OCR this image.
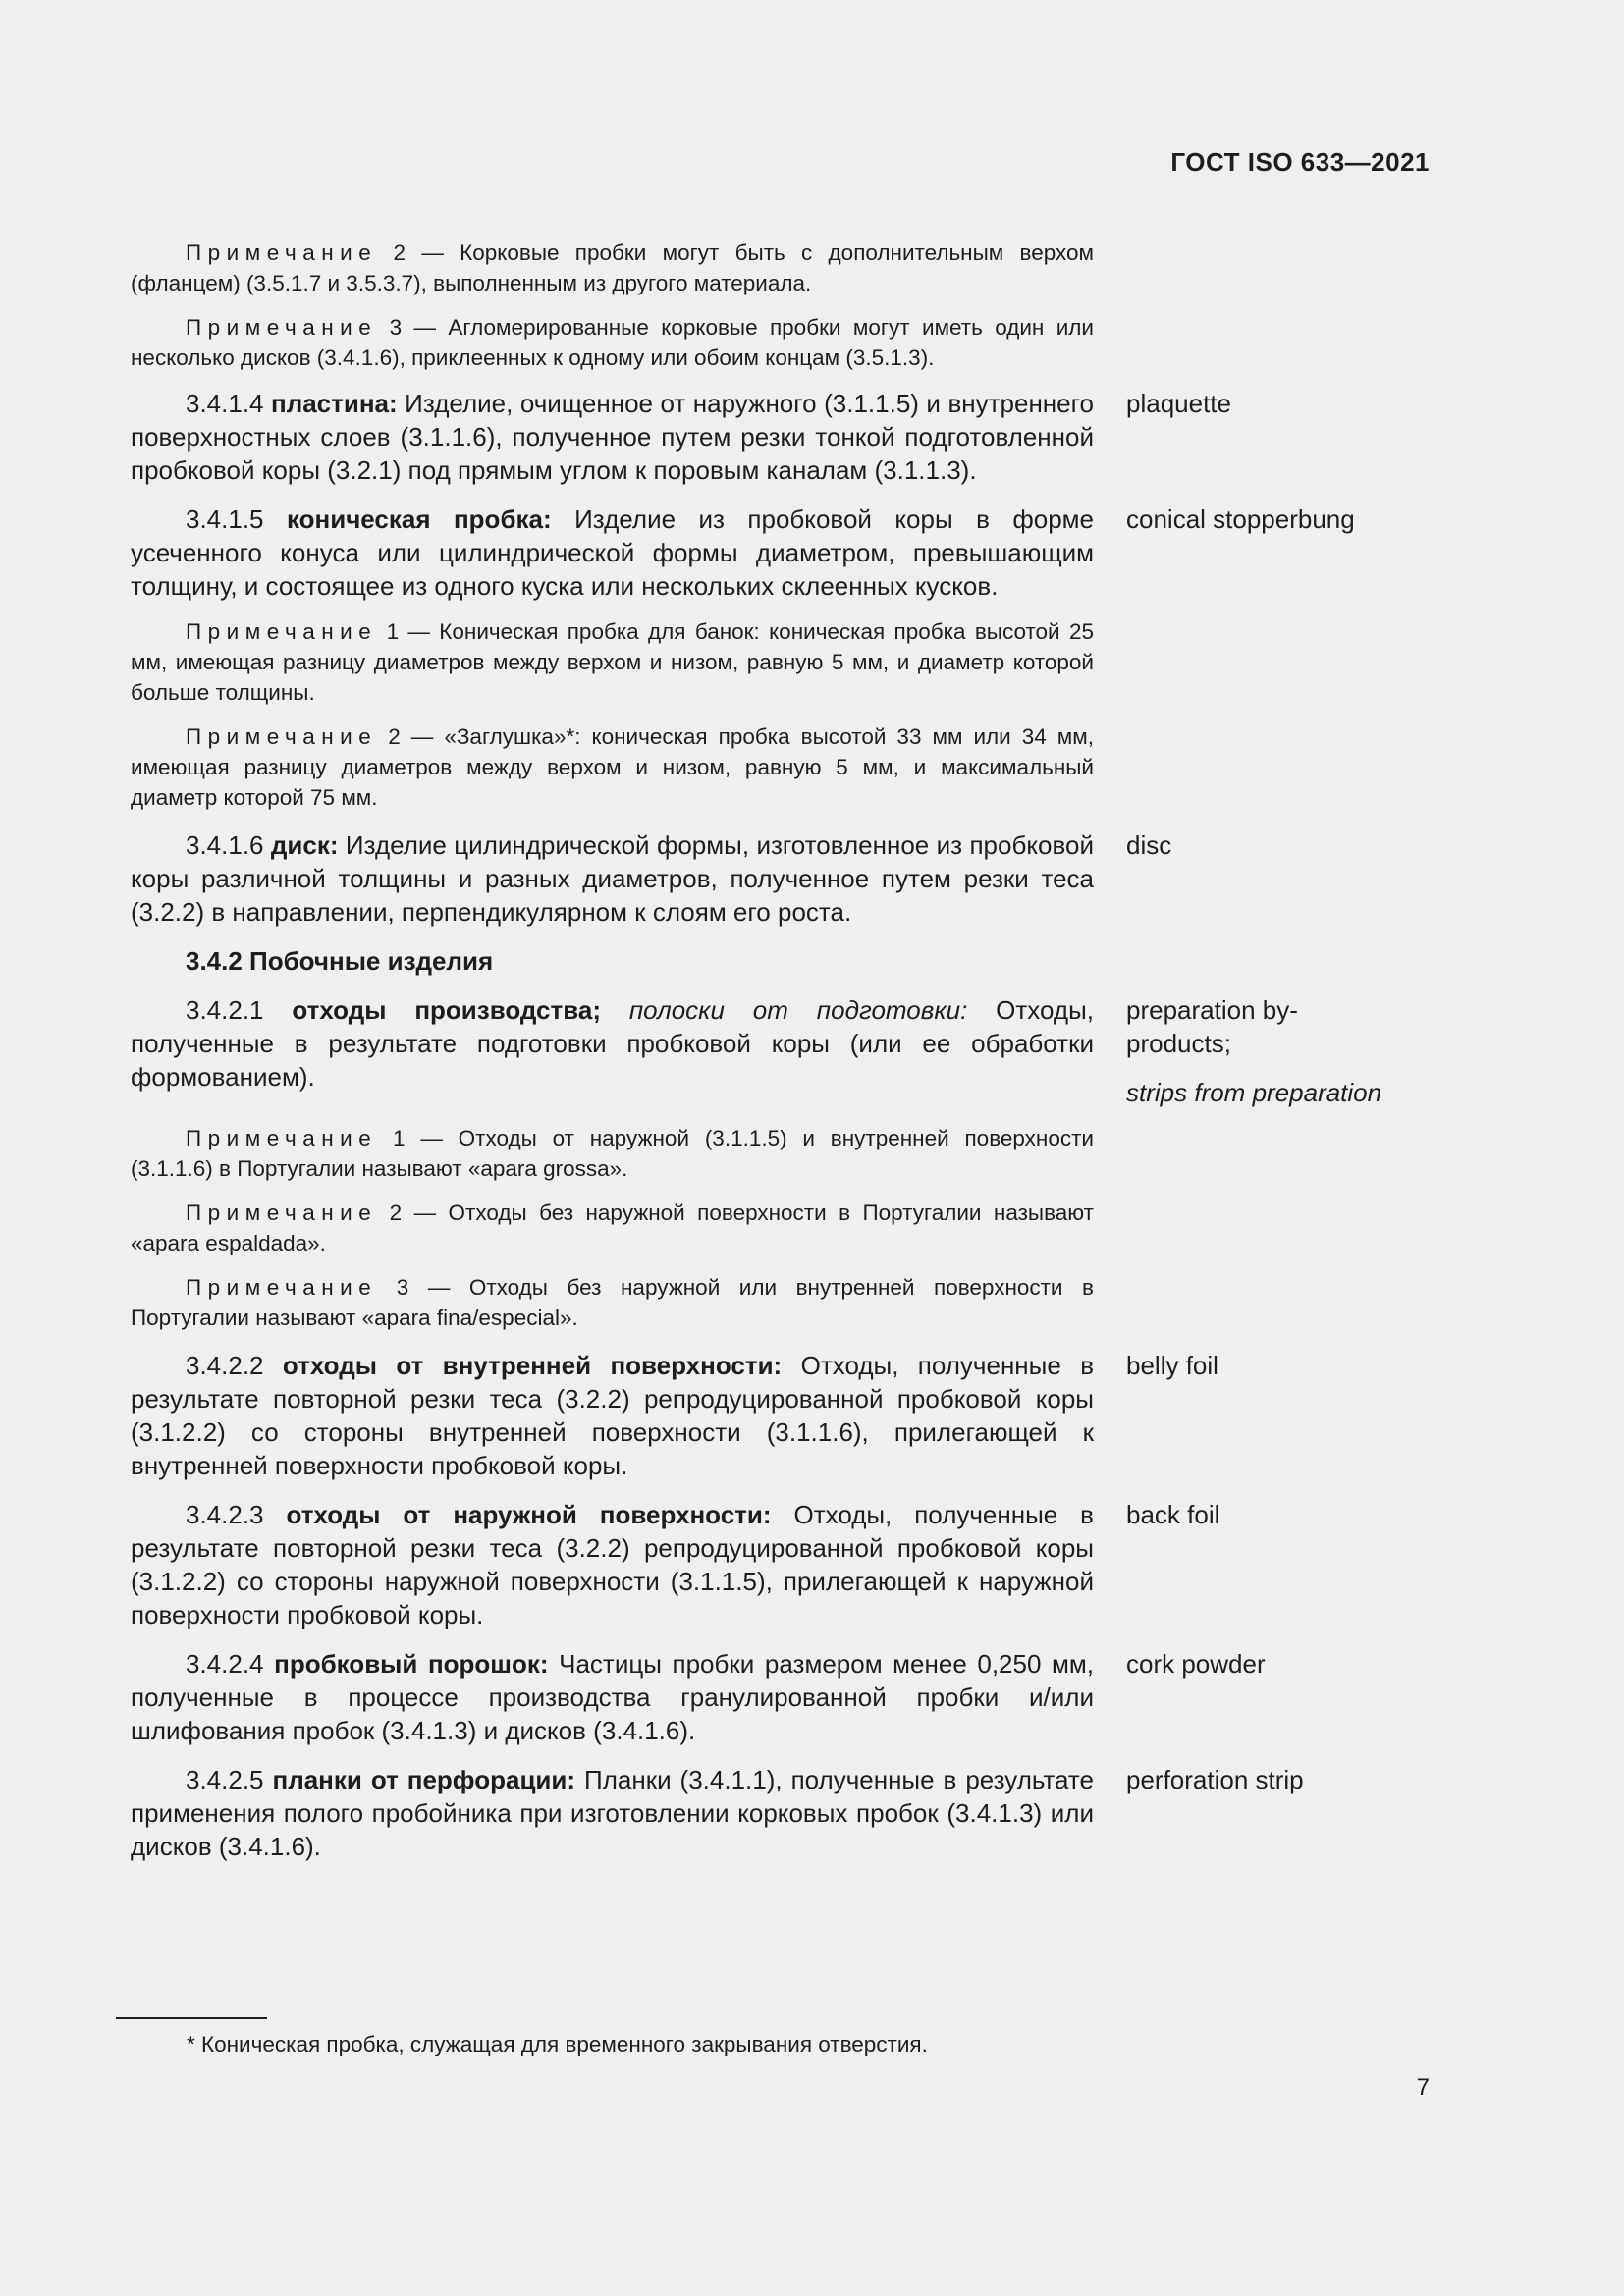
ГОСТ ISO 633—2021
Примечание 2 — Корковые пробки могут быть с дополнительным верхом (фланцем) (3.5.1.7 и 3.5.3.7), выполненным из другого материала.
Примечание 3 — Агломерированные корковые пробки могут иметь один или несколько дисков (3.4.1.6), приклеенных к одному или обоим концам (3.5.1.3).
3.4.1.4 пластина: Изделие, очищенное от наружного (3.1.1.5) и внутреннего поверхностных слоев (3.1.1.6), полученное путем резки тонкой подготовленной пробковой коры (3.2.1) под прямым углом к поровым каналам (3.1.1.3).
plaquette
3.4.1.5 коническая пробка: Изделие из пробковой коры в форме усеченного конуса или цилиндрической формы диаметром, превышающим толщину, и состоящее из одного куска или нескольких склеенных кусков.
conical stopperbung
Примечание 1 — Коническая пробка для банок: коническая пробка высотой 25 мм, имеющая разницу диаметров между верхом и низом, равную 5 мм, и диаметр которой больше толщины.
Примечание 2 — «Заглушка»*: коническая пробка высотой 33 мм или 34 мм, имеющая разницу диаметров между верхом и низом, равную 5 мм, и максимальный диаметр которой 75 мм.
3.4.1.6 диск: Изделие цилиндрической формы, изготовленное из пробковой коры различной толщины и разных диаметров, полученное путем резки теса (3.2.2) в направлении, перпендикулярном к слоям его роста.
disc
3.4.2 Побочные изделия
3.4.2.1 отходы производства; полоски от подготовки: Отходы, полученные в результате подготовки пробковой коры (или ее обработки формованием).
preparation by-products;
strips from preparation
Примечание 1 — Отходы от наружной (3.1.1.5) и внутренней поверхности (3.1.1.6) в Португалии называют «apara grossa».
Примечание 2 — Отходы без наружной поверхности в Португалии называют «apara espaldada».
Примечание 3 — Отходы без наружной или внутренней поверхности в Португалии называют «apara fina/especial».
3.4.2.2 отходы от внутренней поверхности: Отходы, полученные в результате повторной резки теса (3.2.2) репродуцированной пробковой коры (3.1.2.2) со стороны внутренней поверхности (3.1.1.6), прилегающей к внутренней поверхности пробковой коры.
belly foil
3.4.2.3 отходы от наружной поверхности: Отходы, полученные в результате повторной резки теса (3.2.2) репродуцированной пробковой коры (3.1.2.2) со стороны наружной поверхности (3.1.1.5), прилегающей к наружной поверхности пробковой коры.
back foil
3.4.2.4 пробковый порошок: Частицы пробки размером менее 0,250 мм, полученные в процессе производства гранулированной пробки и/или шлифования пробок (3.4.1.3) и дисков (3.4.1.6).
cork powder
3.4.2.5 планки от перфорации: Планки (3.4.1.1), полученные в результате применения полого пробойника при изготовлении корковых пробок (3.4.1.3) или дисков (3.4.1.6).
perforation strip
* Коническая пробка, служащая для временного закрывания отверстия.
7
